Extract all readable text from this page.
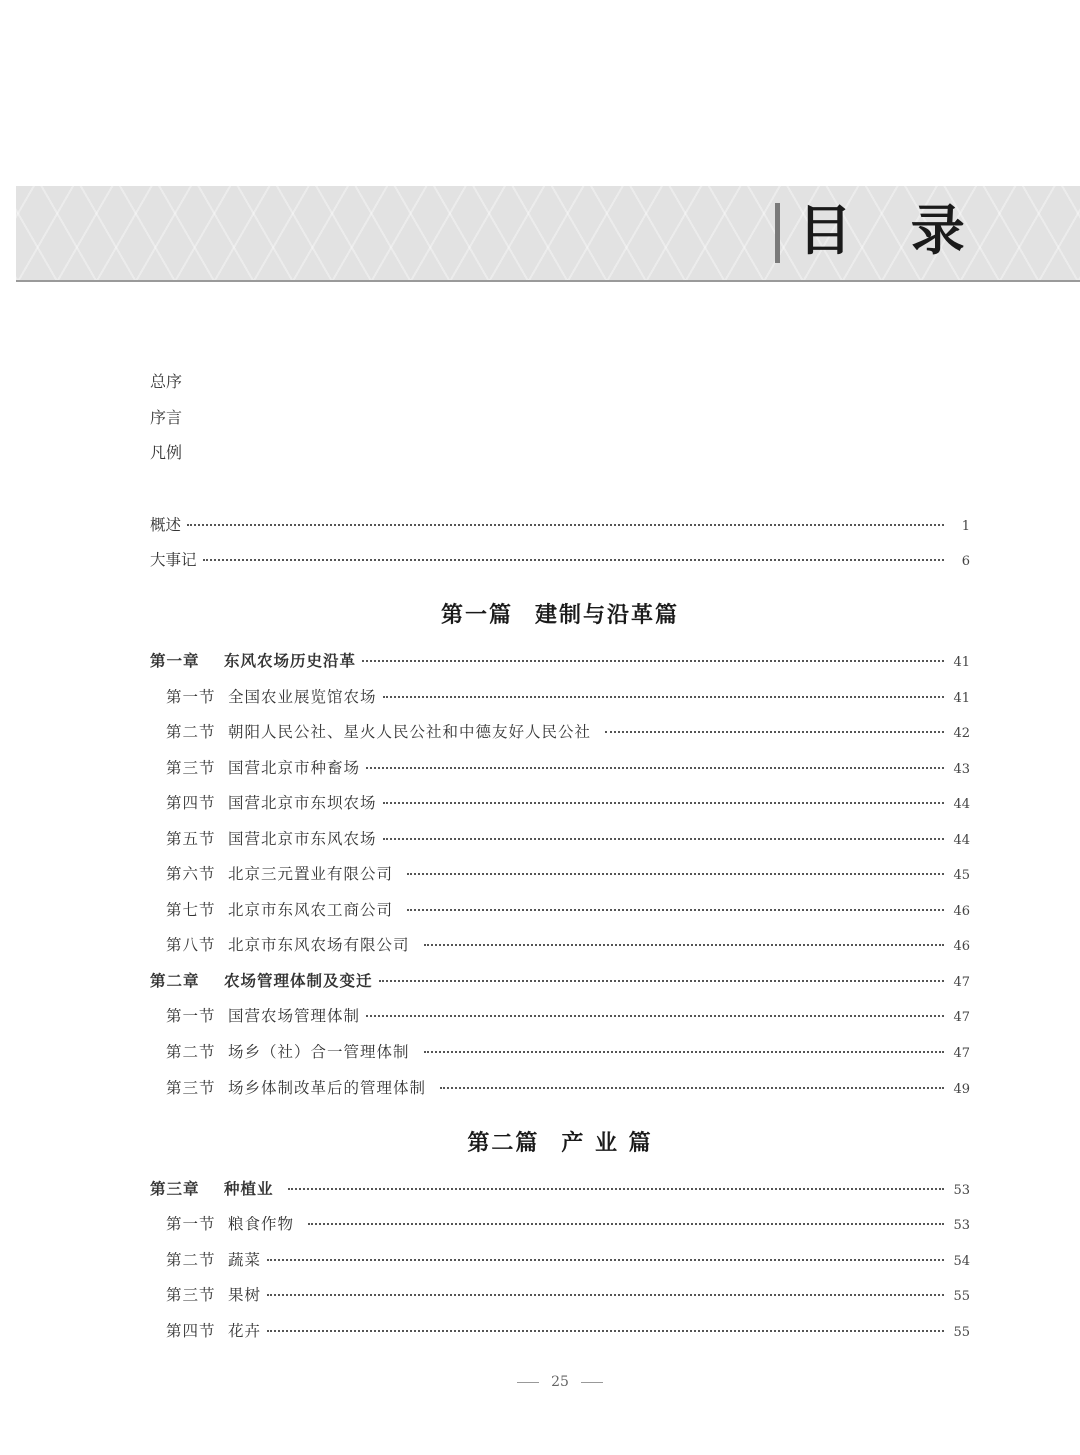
目 录
总序
序言
凡例
概述	1
大事记	6
第一篇 建制与沿革篇
第一章	东风农场历史沿革	41
第一节 全国农业展览馆农场	41
第二节 朝阳人民公社、星火人民公社和中德友好人民公社	42
第三节 国营北京市种畜场	43
第四节 国营北京市东坝农场	44
第五节 国营北京市东风农场	44
第六节 北京三元置业有限公司	45
第七节 北京市东风农工商公司	46
第八节 北京市东风农场有限公司	46
第二章	农场管理体制及变迁	47
第一节 国营农场管理体制	47
第二节 场乡（社）合一管理体制	47
第三节 场乡体制改革后的管理体制	49
第二篇 产 业 篇
第三章	种植业	53
第一节 粮食作物	53
第二节 蔬菜	54
第三节 果树	55
第四节 花卉	55
25
